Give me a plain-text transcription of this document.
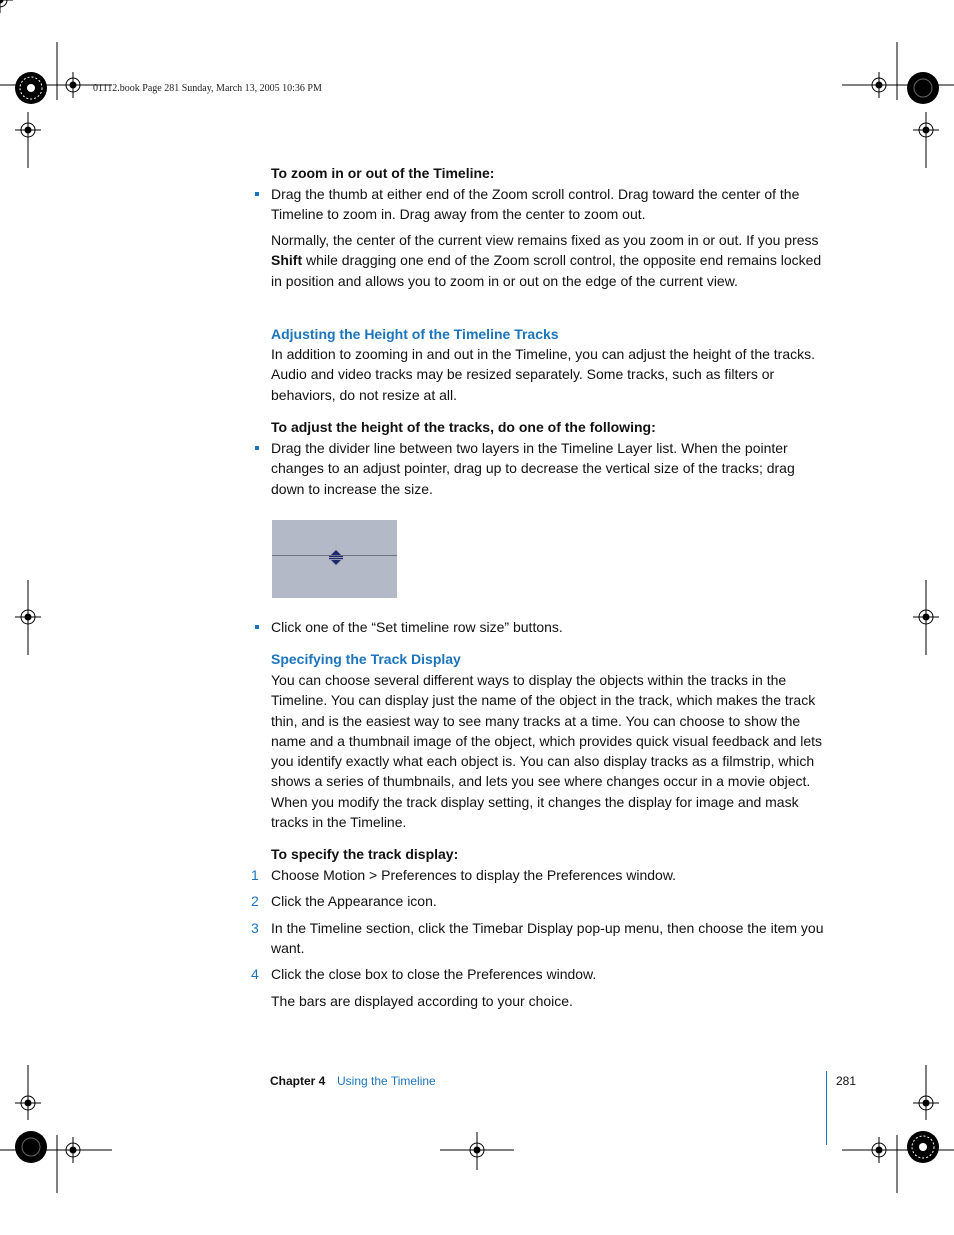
01112.book Page 281 Sunday, March 13, 2005 10:36 PM

To zoom in or out of the Timeline:

Drag the thumb at either end of the Zoom scroll control. Drag toward the center of the Timeline to zoom in. Drag away from the center to zoom out.

Normally, the center of the current view remains fixed as you zoom in or out. If you press Shift while dragging one end of the Zoom scroll control, the opposite end remains locked in position and allows you to zoom in or out on the edge of the current view.

Adjusting the Height of the Timeline Tracks

In addition to zooming in and out in the Timeline, you can adjust the height of the tracks. Audio and video tracks may be resized separately. Some tracks, such as filters or behaviors, do not resize at all.

To adjust the height of the tracks, do one of the following:

Drag the divider line between two layers in the Timeline Layer list. When the pointer changes to an adjust pointer, drag up to decrease the vertical size of the tracks; drag down to increase the size.

Click one of the “Set timeline row size” buttons.

Specifying the Track Display

You can choose several different ways to display the objects within the tracks in the Timeline. You can display just the name of the object in the track, which makes the track thin, and is the easiest way to see many tracks at a time. You can choose to show the name and a thumbnail image of the object, which provides quick visual feedback and lets you identify exactly what each object is. You can also display tracks as a filmstrip, which shows a series of thumbnails, and lets you see where changes occur in a movie object. When you modify the track display setting, it changes the display for image and mask tracks in the Timeline.

To specify the track display:

1 Choose Motion > Preferences to display the Preferences window.

2 Click the Appearance icon.

3 In the Timeline section, click the Timebar Display pop-up menu, then choose the item you want.

4 Click the close box to close the Preferences window.

The bars are displayed according to your choice.

Chapter 4 Using the Timeline	281
